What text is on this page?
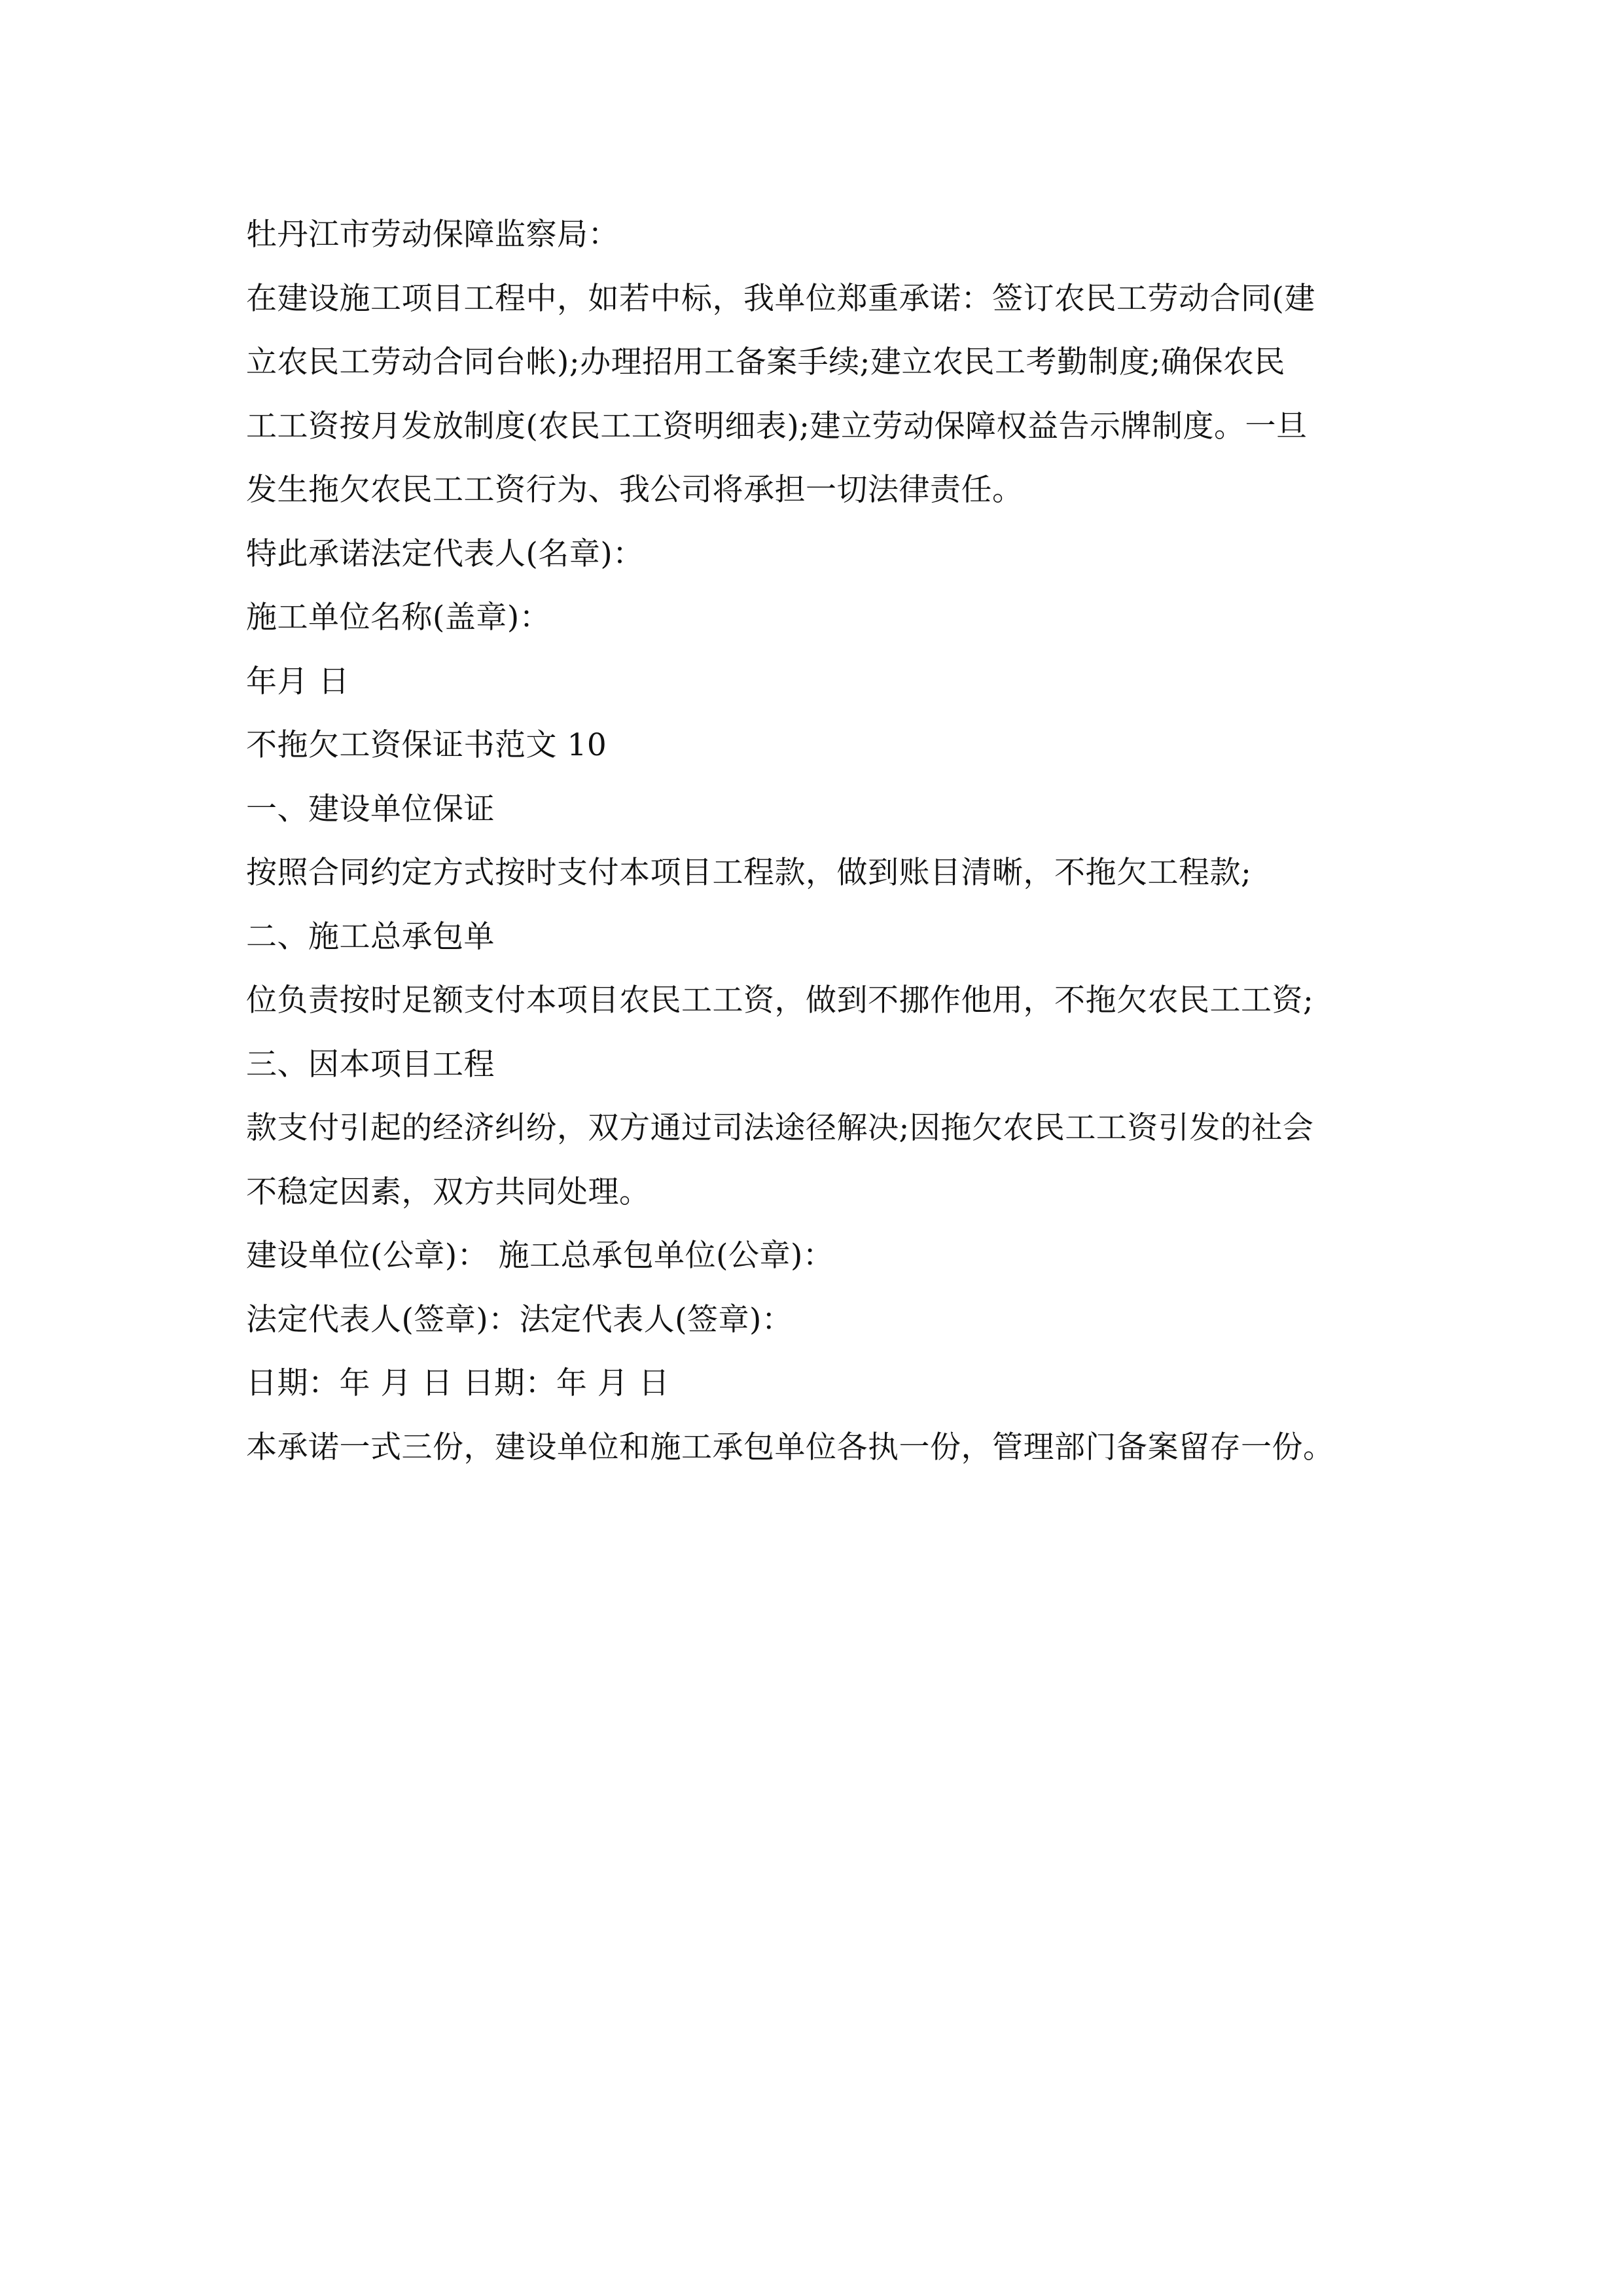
牡丹江市劳动保障监察局：
在建设施工项目工程中，如若中标，我单位郑重承诺：签订农民工劳动合同(建
立农民工劳动合同台帐);办理招用工备案手续;建立农民工考勤制度;确保农民
工工资按月发放制度(农民工工资明细表);建立劳动保障权益告示牌制度。一旦
发生拖欠农民工工资行为、我公司将承担一切法律责任。
特此承诺法定代表人(名章)：
施工单位名称(盖章)：
年月 日
不拖欠工资保证书范文 10
一、建设单位保证
按照合同约定方式按时支付本项目工程款，做到账目清晰，不拖欠工程款;
二、施工总承包单
位负责按时足额支付本项目农民工工资，做到不挪作他用，不拖欠农民工工资;
三、因本项目工程
款支付引起的经济纠纷，双方通过司法途径解决;因拖欠农民工工资引发的社会
不稳定因素，双方共同处理。
建设单位(公章)： 施工总承包单位(公章)：
法定代表人(签章)：法定代表人(签章)：
日期：年 月 日 日期：年 月 日
本承诺一式三份，建设单位和施工承包单位各执一份，管理部门备案留存一份。
